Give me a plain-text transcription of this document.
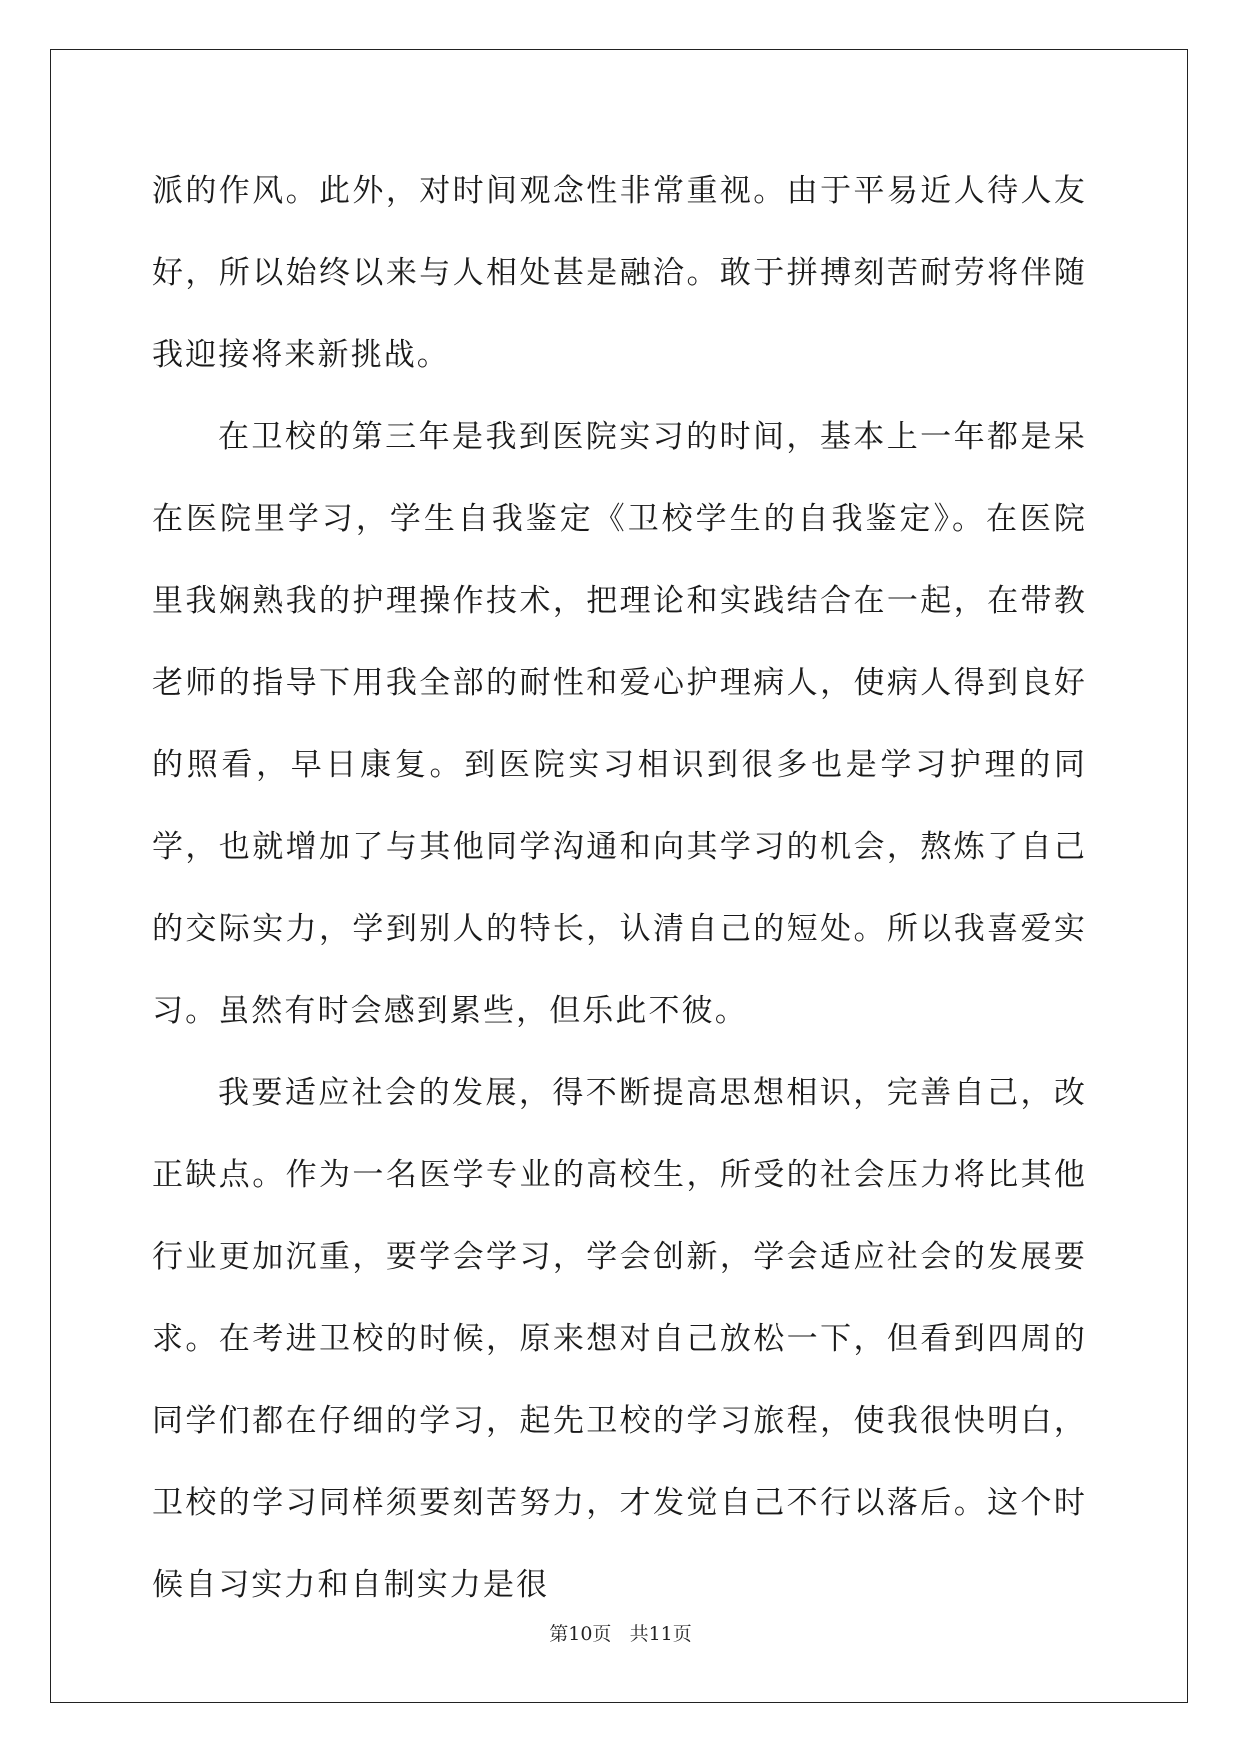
派的作风。此外，对时间观念性非常重视。由于平易近人待人友好，所以始终以来与人相处甚是融洽。敢于拼搏刻苦耐劳将伴随我迎接将来新挑战。

在卫校的第三年是我到医院实习的时间，基本上一年都是呆在医院里学习，学生自我鉴定《卫校学生的自我鉴定》。在医院里我娴熟我的护理操作技术，把理论和实践结合在一起，在带教老师的指导下用我全部的耐性和爱心护理病人，使病人得到良好的照看，早日康复。到医院实习相识到很多也是学习护理的同学，也就增加了与其他同学沟通和向其学习的机会，熬炼了自己的交际实力，学到别人的特长，认清自己的短处。所以我喜爱实习。虽然有时会感到累些，但乐此不彼。

我要适应社会的发展，得不断提高思想相识，完善自己，改正缺点。作为一名医学专业的高校生，所受的社会压力将比其他行业更加沉重，要学会学习，学会创新，学会适应社会的发展要求。在考进卫校的时候，原来想对自己放松一下，但看到四周的同学们都在仔细的学习，起先卫校的学习旅程，使我很快明白，卫校的学习同样须要刻苦努力，才发觉自己不行以落后。这个时候自习实力和自制实力是很

第10页 共11页
